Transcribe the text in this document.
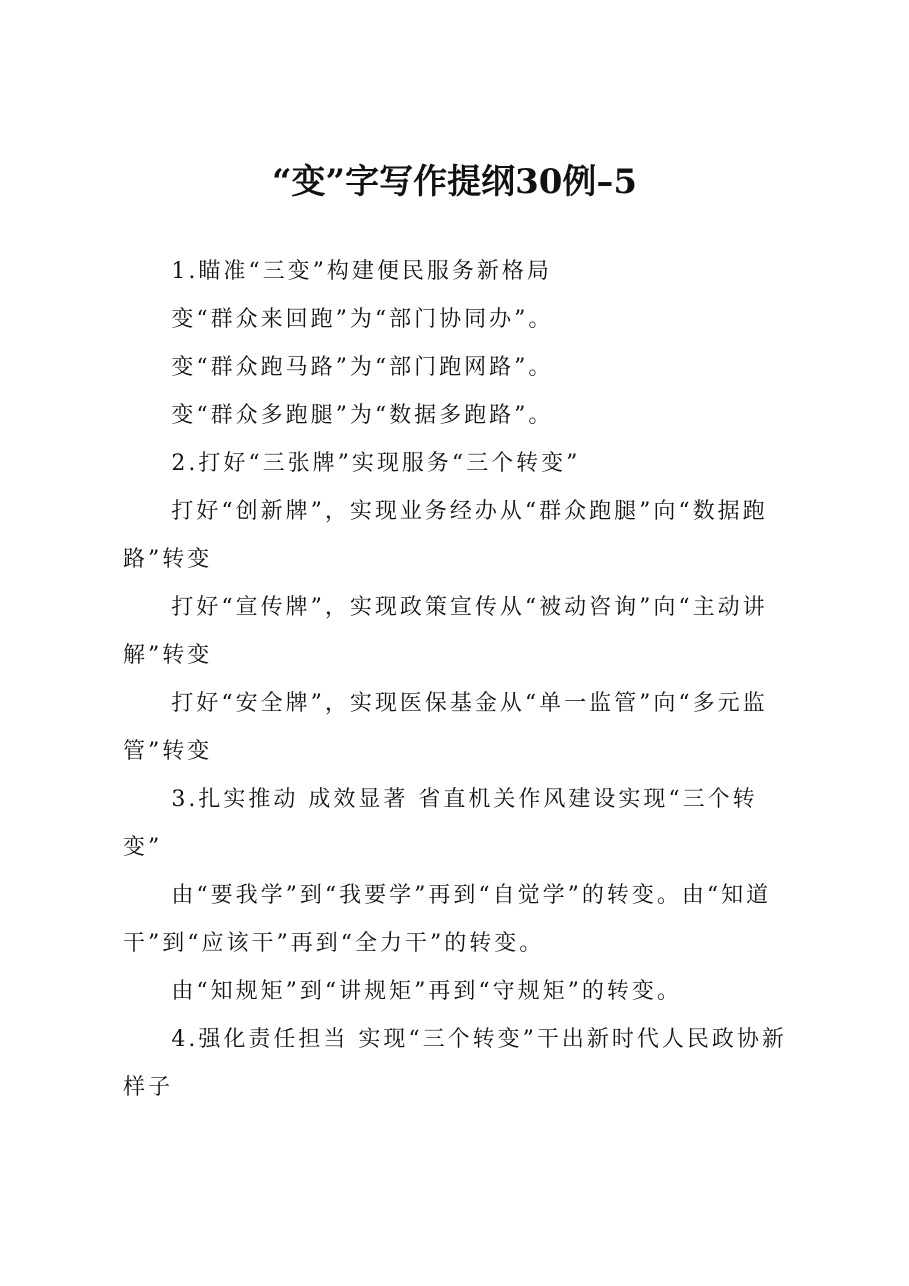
“变”字写作提纲30例–5

1.瞄准“三变”构建便民服务新格局

变“群众来回跑”为“部门协同办”。

变“群众跑马路”为“部门跑网路”。

变“群众多跑腿”为“数据多跑路”。

2.打好“三张牌”实现服务“三个转变”

打好“创新牌”，实现业务经办从“群众跑腿”向“数据跑路”转变

打好“宣传牌”，实现政策宣传从“被动咨询”向“主动讲解”转变

打好“安全牌”，实现医保基金从“单一监管”向“多元监管”转变

3.扎实推动 成效显著 省直机关作风建设实现“三个转变”

由“要我学”到“我要学”再到“自觉学”的转变。由“知道干”到“应该干”再到“全力干”的转变。

由“知规矩”到“讲规矩”再到“守规矩”的转变。

4.强化责任担当 实现“三个转变”干出新时代人民政协新样子
